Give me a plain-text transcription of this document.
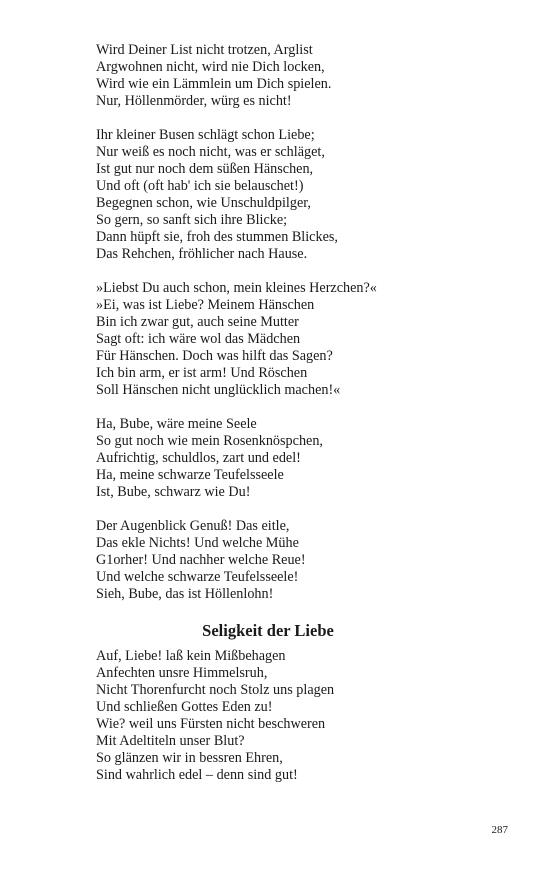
Wird Deiner List nicht trotzen, Arglist
Argwohnen nicht, wird nie Dich locken,
Wird wie ein Lämmlein um Dich spielen.
Nur, Höllenmörder, würg es nicht!
Ihr kleiner Busen schlägt schon Liebe;
Nur weiß es noch nicht, was er schläget,
Ist gut nur noch dem süßen Hänschen,
Und oft (oft hab' ich sie belauschet!)
Begegnen schon, wie Unschuldpilger,
So gern, so sanft sich ihre Blicke;
Dann hüpft sie, froh des stummen Blickes,
Das Rehchen, fröhlicher nach Hause.
»Liebst Du auch schon, mein kleines Herzchen?«
»Ei, was ist Liebe? Meinem Hänschen
Bin ich zwar gut, auch seine Mutter
Sagt oft: ich wäre wol das Mädchen
Für Hänschen. Doch was hilft das Sagen?
Ich bin arm, er ist arm! Und Röschen
Soll Hänschen nicht unglücklich machen!«
Ha, Bube, wäre meine Seele
So gut noch wie mein Rosenknöspchen,
Aufrichtig, schuldlos, zart und edel!
Ha, meine schwarze Teufelsseele
Ist, Bube, schwarz wie Du!
Der Augenblick Genuß! Das eitle,
Das ekle Nichts! Und welche Mühe
G1orher! Und nachher welche Reue!
Und welche schwarze Teufelsseele!
Sieh, Bube, das ist Höllenlohn!
Seligkeit der Liebe
Auf, Liebe! laß kein Mißbehagen
Anfechten unsre Himmelsruh,
Nicht Thorenfurcht noch Stolz uns plagen
Und schließen Gottes Eden zu!
Wie? weil uns Fürsten nicht beschweren
Mit Adeltiteln unser Blut?
So glänzen wir in bessren Ehren,
Sind wahrlich edel – denn sind gut!
287
